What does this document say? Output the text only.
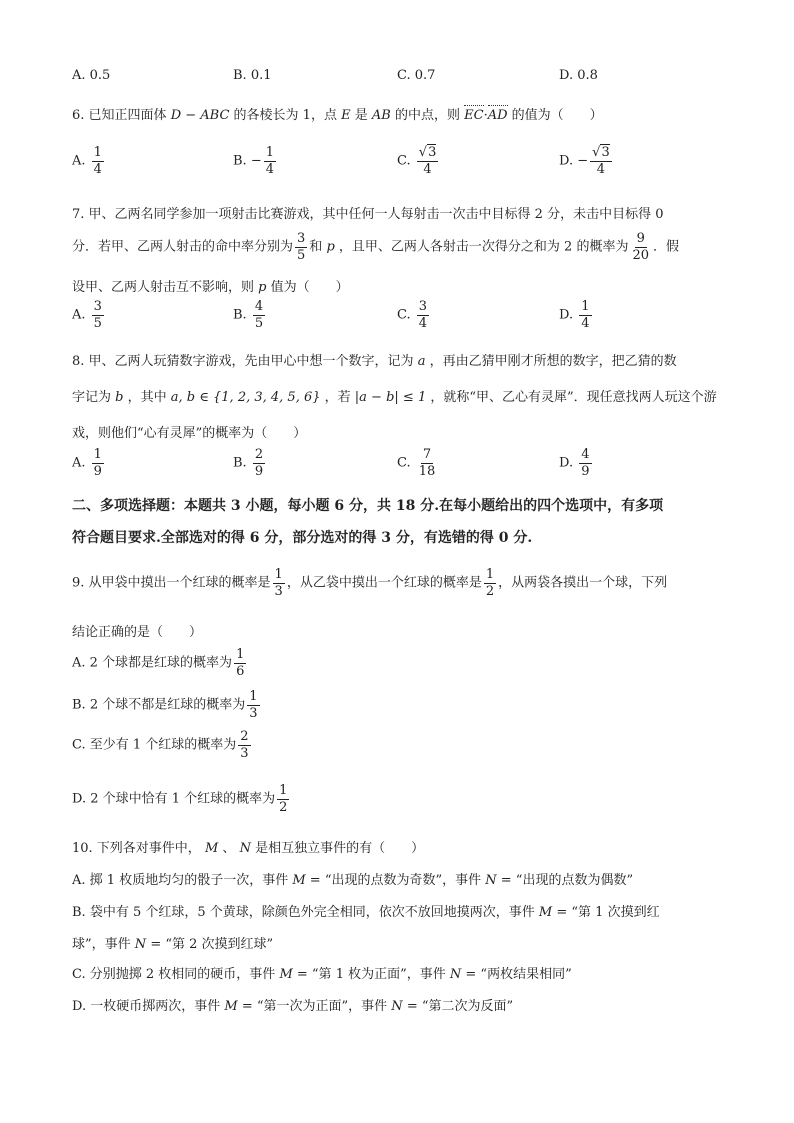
A. 0.5	B. 0.1	C. 0.7	D. 0.8
6. 已知正四面体 D − ABC 的各棱长为 1，点 E 是 AB 的中点，则 EC·AD 的值为（　　）
A. $\frac{1}{4}$	B. − $\frac{1}{4}$	C. $\frac{√3}{4}$	D. − $\frac{√3}{4}$
7. 甲、乙两名同学参加一项射击比赛游戏，其中任何一人每射击一次击中目标得 2 分，未击中目标得 0
分．若甲、乙两人射击的命中率分别为 $\frac{3}{5}$ 和 p ，且甲、乙两人各射击一次得分之和为 2 的概率为 $\frac{9}{20}$ ．假
设甲、乙两人射击互不影响，则 p 值为（　　）
A. $\frac{3}{5}$	B. $\frac{4}{5}$	C. $\frac{3}{4}$	D. $\frac{1}{4}$
8. 甲、乙两人玩猜数字游戏，先由甲心中想一个数字，记为 a ，再由乙猜甲刚才所想的数字，把乙猜的数
字记为 b ，其中 a, b ∈ {1, 2, 3, 4, 5, 6} ，若 |a − b| ≤ 1 ，就称“甲、乙心有灵犀”．现任意找两人玩这个游
戏，则他们“心有灵犀”的概率为（　　）
A. $\frac{1}{9}$	B. $\frac{2}{9}$	C. $\frac{7}{18}$	D. $\frac{4}{9}$
二、多项选择题：本题共 3 小题，每小题 6 分，共 18 分.在每小题给出的四个选项中，有多项
符合题目要求.全部选对的得 6 分，部分选对的得 3 分，有选错的得 0 分.
9. 从甲袋中摸出一个红球的概率是 $\frac{1}{3}$ ，从乙袋中摸出一个红球的概率是 $\frac{1}{2}$ ，从两袋各摸出一个球，下列
结论正确的是（　　）
A. 2 个球都是红球的概率为 $\frac{1}{6}$
B. 2 个球不都是红球的概率为 $\frac{1}{3}$
C. 至少有 1 个红球的概率为 $\frac{2}{3}$
D. 2 个球中恰有 1 个红球的概率为 $\frac{1}{2}$
10. 下列各对事件中， M 、 N 是相互独立事件的有（　　）
A. 掷 1 枚质地均匀的骰子一次，事件 M = “出现的点数为奇数”，事件 N = “出现的点数为偶数”
B. 袋中有 5 个红球，5 个黄球，除颜色外完全相同，依次不放回地摸两次，事件 M = “第 1 次摸到红
球”，事件 N = “第 2 次摸到红球”
C. 分别抛掷 2 枚相同的硬币，事件 M = “第 1 枚为正面”，事件 N = “两枚结果相同”
D. 一枚硬币掷两次，事件 M = “第一次为正面”，事件 N = “第二次为反面”
